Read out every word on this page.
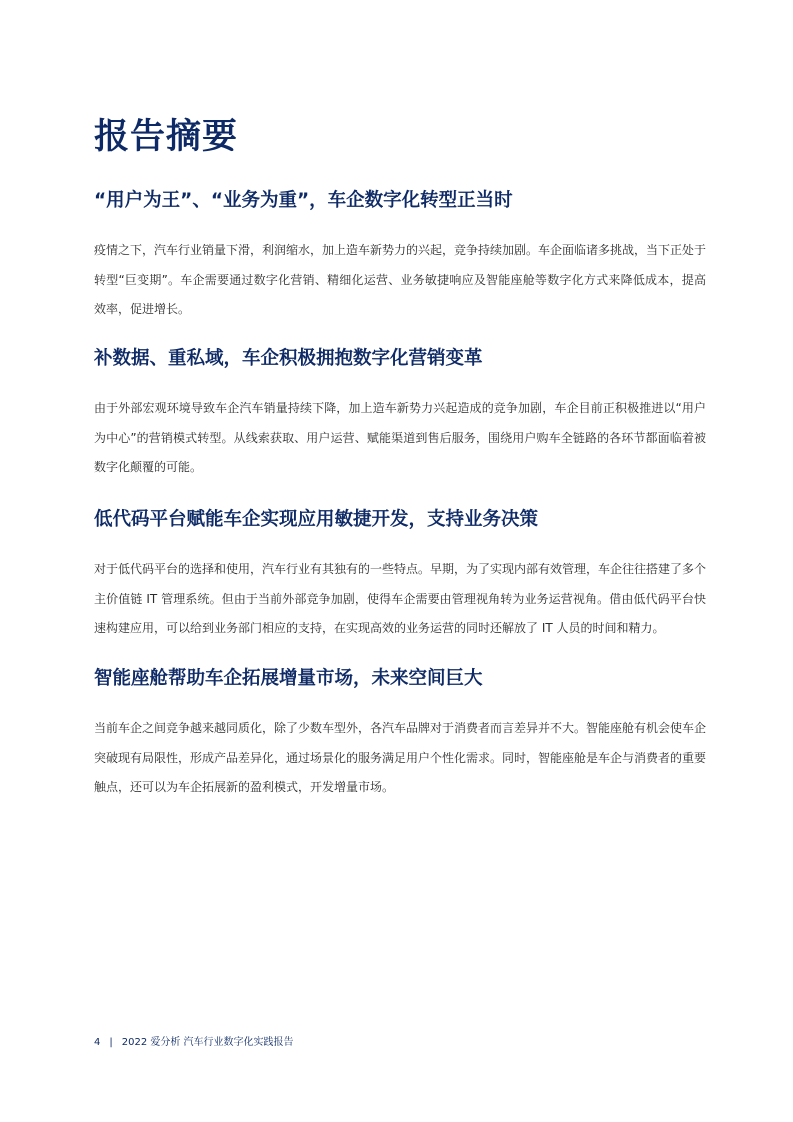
报告摘要
“用户为王”、“业务为重”，车企数字化转型正当时

疫情之下，汽车行业销量下滑，利润缩水，加上造车新势力的兴起，竞争持续加剧。车企面临诸多挑战，当下正处于转型“巨变期”。车企需要通过数字化营销、精细化运营、业务敏捷响应及智能座舱等数字化方式来降低成本，提高效率，促进增长。

补数据、重私域，车企积极拥抱数字化营销变革

由于外部宏观环境导致车企汽车销量持续下降，加上造车新势力兴起造成的竞争加剧，车企目前正积极推进以“用户为中心”的营销模式转型。从线索获取、用户运营、赋能渠道到售后服务，围绕用户购车全链路的各环节都面临着被数字化颠覆的可能。

低代码平台赋能车企实现应用敏捷开发，支持业务决策

对于低代码平台的选择和使用，汽车行业有其独有的一些特点。早期，为了实现内部有效管理，车企往往搭建了多个主价值链 IT 管理系统。但由于当前外部竞争加剧，使得车企需要由管理视角转为业务运营视角。借由低代码平台快速构建应用，可以给到业务部门相应的支持，在实现高效的业务运营的同时还解放了 IT 人员的时间和精力。

智能座舱帮助车企拓展增量市场，未来空间巨大

当前车企之间竞争越来越同质化，除了少数车型外，各汽车品牌对于消费者而言差异并不大。智能座舱有机会使车企突破现有局限性，形成产品差异化，通过场景化的服务满足用户个性化需求。同时，智能座舱是车企与消费者的重要触点，还可以为车企拓展新的盈利模式，开发增量市场。

4 | 2022 爱分析 汽车行业数字化实践报告
